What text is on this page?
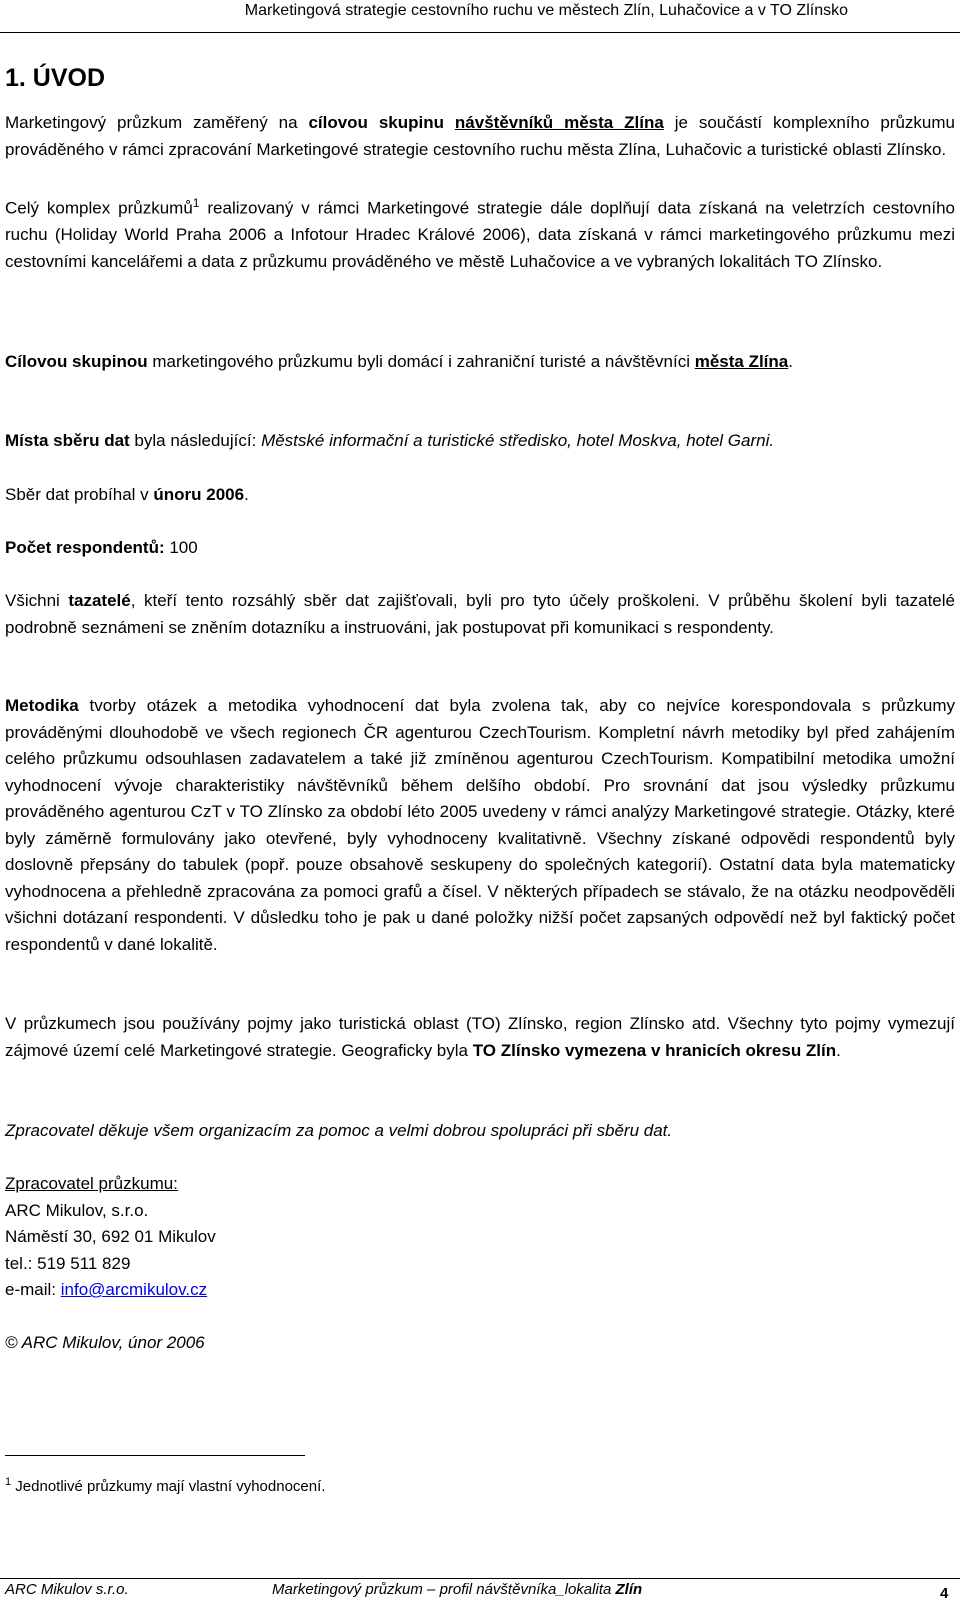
Marketingová strategie cestovního ruchu ve městech Zlín, Luhačovice a v TO Zlínsko
1. ÚVOD
Marketingový průzkum zaměřený na cílovou skupinu návštěvníků města Zlína je součástí komplexního průzkumu prováděného v rámci zpracování Marketingové strategie cestovního ruchu města Zlína, Luhačovic a turistické oblasti Zlínsko.
Celý komplex průzkumů$^1$ realizovaný v rámci Marketingové strategie dále doplňují data získaná na veletrzích cestovního ruchu (Holiday World Praha 2006 a Infotour Hradec Králové 2006), data získaná v rámci marketingového průzkumu mezi cestovními kancelářemi a data z průzkumu prováděného ve městě Luhačovice a ve vybraných lokalitách TO Zlínsko.
Cílovou skupinou marketingového průzkumu byli domácí i zahraniční turisté a návštěvníci města Zlína.
Místa sběru dat byla následující: Městské informační a turistické středisko, hotel Moskva, hotel Garni.
Sběr dat probíhal v únoru 2006.
Počet respondentů: 100
Všichni tazatelé, kteří tento rozsáhlý sběr dat zajišťovali, byli pro tyto účely proškoleni. V průběhu školení byli tazatelé podrobně seznámeni se zněním dotazníku a instruováni, jak postupovat při komunikaci s respondenty.
Metodika tvorby otázek a metodika vyhodnocení dat byla zvolena tak, aby co nejvíce korespondovala s průzkumy prováděnými dlouhodobě ve všech regionech ČR agenturou CzechTourism. Kompletní návrh metodiky byl před zahájením celého průzkumu odsouhlasen zadavatelem a také již zmíněnou agenturou CzechTourism. Kompatibilní metodika umožní vyhodnocení vývoje charakteristiky návštěvníků během delšího období. Pro srovnání dat jsou výsledky průzkumu prováděného agenturou CzT v TO Zlínsko za období léto 2005 uvedeny v rámci analýzy Marketingové strategie. Otázky, které byly záměrně formulovány jako otevřené, byly vyhodnoceny kvalitativně. Všechny získané odpovědi respondentů byly doslovně přepsány do tabulek (popř. pouze obsahově seskupeny do společných kategorií). Ostatní data byla matematicky vyhodnocena a přehledně zpracována za pomoci grafů a čísel. V některých případech se stávalo, že na otázku neodpověděli všichni dotázaní respondenti. V důsledku toho je pak u dané položky nižší počet zapsaných odpovědí než byl faktický počet respondentů v dané lokalitě.
V průzkumech jsou používány pojmy jako turistická oblast (TO) Zlínsko, region Zlínsko atd. Všechny tyto pojmy vymezují zájmové území celé Marketingové strategie. Geograficky byla TO Zlínsko vymezena v hranicích okresu Zlín.
Zpracovatel děkuje všem organizacím za pomoc a velmi dobrou spolupráci při sběru dat.
Zpracovatel průzkumu:
ARC Mikulov, s.r.o.
Náměstí 30, 692 01 Mikulov
tel.: 519 511 829
e-mail: info@arcmikulov.cz
© ARC Mikulov, únor 2006
$^1$ Jednotlivé průzkumy mají vlastní vyhodnocení.
ARC Mikulov s.r.o.	Marketingový průzkum – profil návštěvníka_lokalita Zlín	4
